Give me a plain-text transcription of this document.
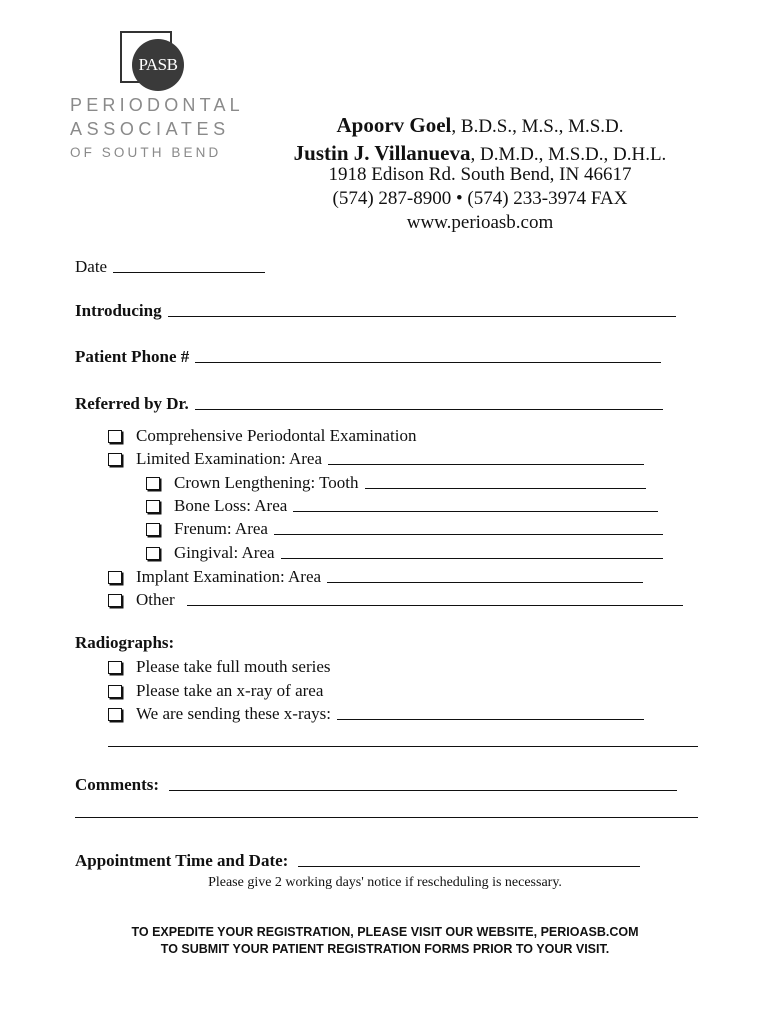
PASB
PERIODONTAL
ASSOCIATES
OF SOUTH BEND
Apoorv Goel, B.D.S., M.S., M.S.D.
Justin J. Villanueva, D.M.D., M.S.D., D.H.L.
1918 Edison Rd. South Bend, IN 46617
(574) 287-8900 • (574) 233-3974 FAX
www.perioasb.com
Date
Introducing
Patient Phone #
Referred by Dr.
Comprehensive Periodontal Examination
Limited Examination: Area
Crown Lengthening: Tooth
Bone Loss: Area
Frenum: Area
Gingival: Area
Implant Examination: Area
Other
Radiographs:
Please take full mouth series
Please take an x-ray of area
We are sending these x-rays:
Comments:
Appointment Time and Date:
Please give 2 working days' notice if rescheduling is necessary.
TO EXPEDITE YOUR REGISTRATION, PLEASE VISIT OUR WEBSITE, PERIOASB.COM
TO SUBMIT YOUR PATIENT REGISTRATION FORMS PRIOR TO YOUR VISIT.
